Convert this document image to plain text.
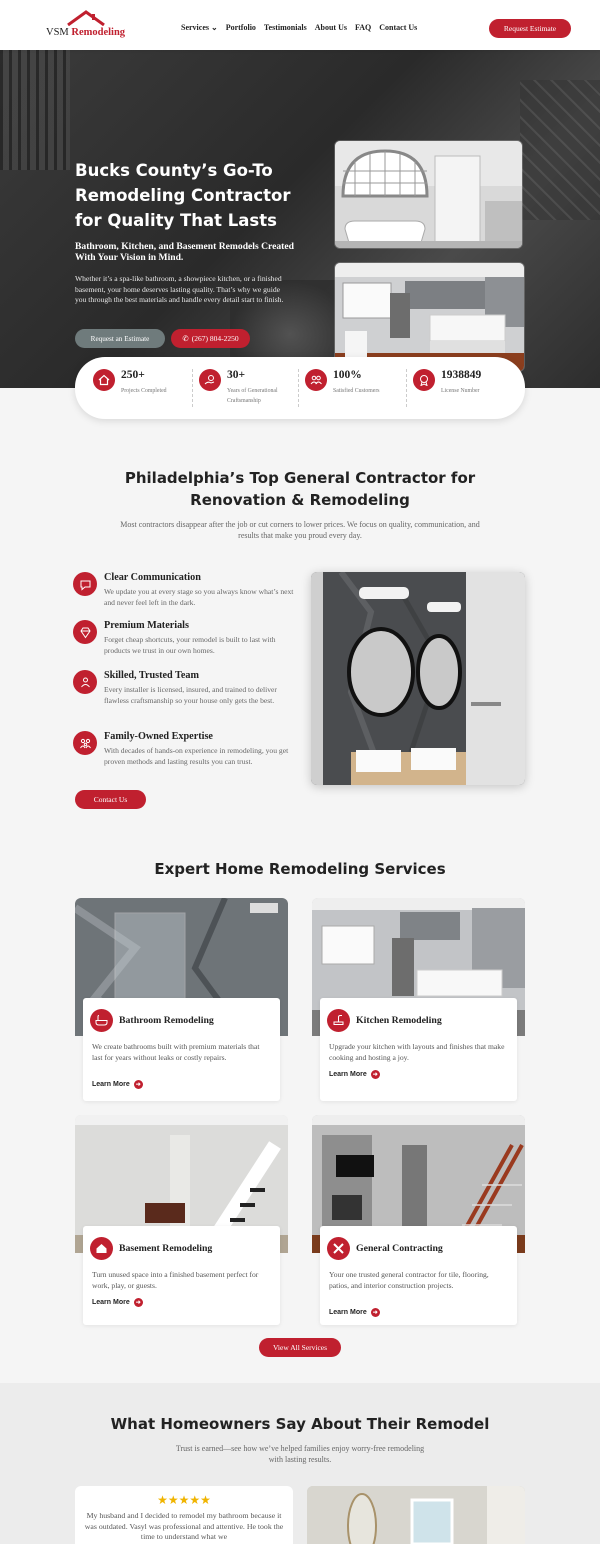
VSM Remodeling	Services ⌄ Portfolio Testimonials About Us FAQ Contact Us	Request Estimate
Bucks County’s Go-To Remodeling Contractor for Quality That Lasts
Bathroom, Kitchen, and Basement Remodels Created With Your Vision in Mind.

Whether it’s a spa-like bathroom, a showpiece kitchen, or a finished basement, your home deserves lasting quality. That’s why we guide you through the best materials and handle every detail start to finish.

Request an Estimate	✆ (267) 804-2250
250+
Projects Completed
30+
Years of Generational Craftsmanship
100%
Satisfied Customers
1938849
License Number
Philadelphia’s Top General Contractor for
Renovation & Remodeling
Most contractors disappear after the job or cut corners to lower prices. We focus on quality, communication, and results that make you proud every day.
Clear Communication
We update you at every stage so you always know what’s next and never feel left in the dark.
Premium Materials
Forget cheap shortcuts, your remodel is built to last with products we trust in our own homes.
Skilled, Trusted Team
Every installer is licensed, insured, and trained to deliver flawless craftsmanship so your house only gets the best.
Family-Owned Expertise
With decades of hands-on experience in remodeling, you get proven methods and lasting results you can trust.
Contact Us
Expert Home Remodeling Services
Bathroom Remodeling
We create bathrooms built with premium materials that last for years without leaks or costly repairs.
Learn More ➜
Kitchen Remodeling
Upgrade your kitchen with layouts and finishes that make cooking and hosting a joy.
Learn More ➜
Basement Remodeling
Turn unused space into a finished basement perfect for work, play, or guests.
Learn More ➜
General Contracting
Your one trusted general contractor for tile, flooring, patios, and interior construction projects.
Learn More ➜
View All Services
What Homeowners Say About Their Remodel
Trust is earned—see how we’ve helped families enjoy worry-free remodeling with lasting results.
★★★★★
My husband and I decided to remodel my bathroom because it was outdated. Vasyl was professional and attentive. He took the time to understand what we
